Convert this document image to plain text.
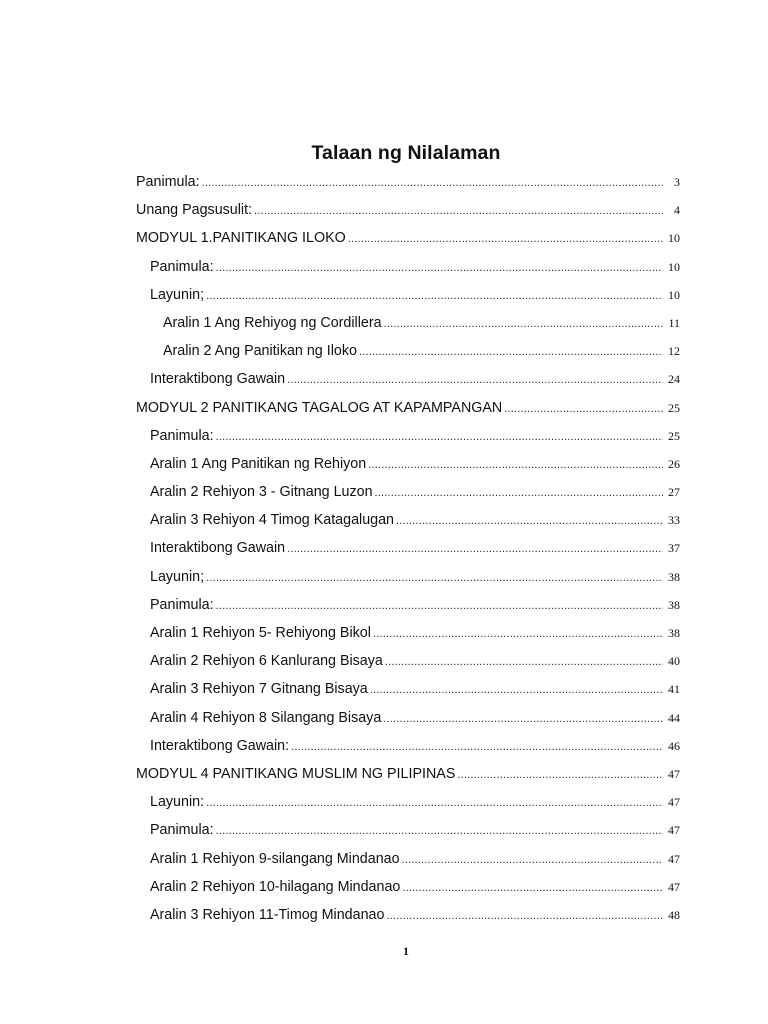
Talaan ng Nilalaman
Panimula: .....	3
Unang Pagsusulit: .....	4
MODYUL 1.PANITIKANG ILOKO .....	10
Panimula: .....	10
Layunin; .....	10
Aralin 1 Ang Rehiyog ng Cordillera .....	11
Aralin 2 Ang Panitikan ng Iloko .....	12
Interaktibong Gawain .....	24
MODYUL 2 PANITIKANG TAGALOG AT KAPAMPANGAN .....	25
Panimula: .....	25
Aralin 1 Ang Panitikan ng Rehiyon .....	26
Aralin 2 Rehiyon 3 - Gitnang Luzon .....	27
Aralin 3 Rehiyon 4 Timog Katagalugan .....	33
Interaktibong Gawain .....	37
Layunin; .....	38
Panimula: .....	38
Aralin 1 Rehiyon 5- Rehiyong Bikol .....	38
Aralin 2 Rehiyon 6 Kanlurang Bisaya .....	40
Aralin 3 Rehiyon 7 Gitnang Bisaya .....	41
Aralin 4 Rehiyon 8 Silangang Bisaya .....	44
Interaktibong Gawain: .....	46
MODYUL 4 PANITIKANG MUSLIM NG PILIPINAS .....	47
Layunin: .....	47
Panimula: .....	47
Aralin 1 Rehiyon 9-silangang Mindanao .....	47
Aralin 2 Rehiyon 10-hilagang Mindanao .....	47
Aralin 3 Rehiyon 11-Timog Mindanao .....	48
1
